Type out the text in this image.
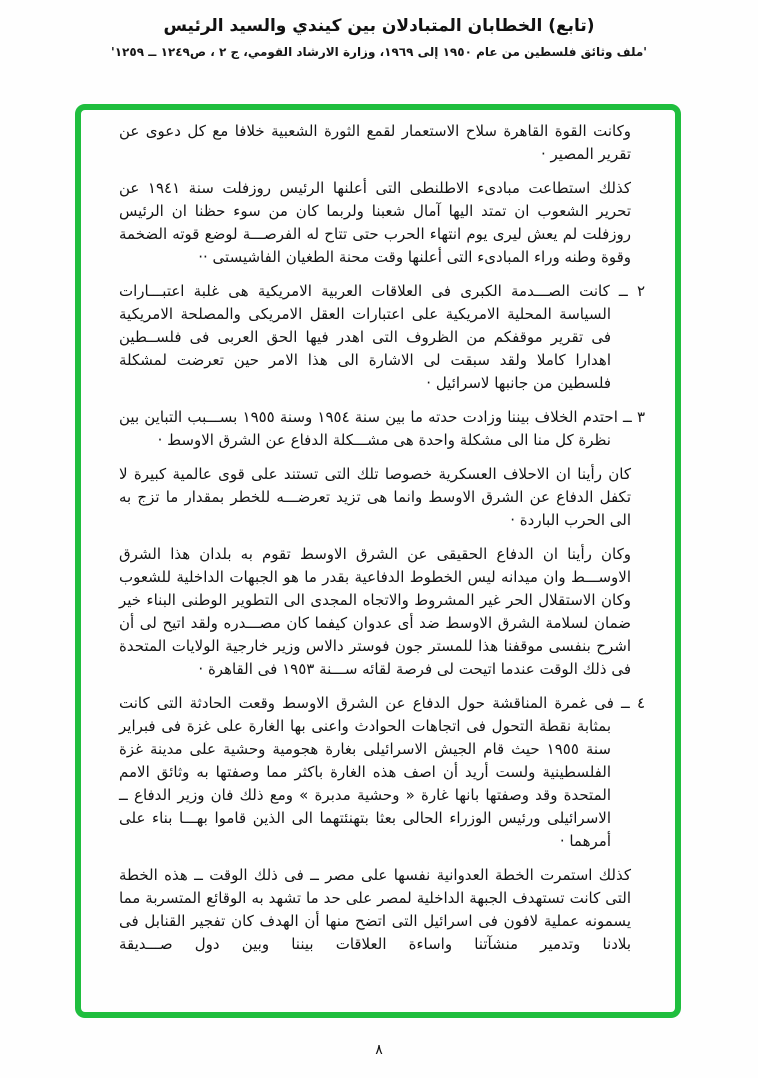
(تابع) الخطابان المتبادلان بين كيندي والسيد الرئيس
'ملف وثائق فلسطين من عام ١٩٥٠ إلى ١٩٦٩، وزارة الارشاد القومي، ج ٢ ، ص١٢٤٩ ــ ١٢٥٩'
وكانت القوة القاهرة سلاح الاستعمار لقمع الثورة الشعبية خلافا مع كل دعوى عن تقرير المصير ·
كذلك استطاعت مبادىء الاطلنطى التى أعلنها الرئيس روزفلت سنة ١٩٤١ عن تحرير الشعوب ان تمتد اليها آمال شعبنا ولربما كان من سوء حظنا ان الرئيس روزفلت لم يعش ليرى يوم انتهاء الحرب حتى تتاح له الفرصـــة لوضع قوته الضخمة وقوة وطنه وراء المبادىء التى أعلنها وقت محنة الطغيان الفاشيستى ··
٢ ــ كانت الصـــدمة الكبرى فى العلاقات العربية الامريكية هى غلبة اعتبـــارات السياسة المحلية الامريكية على اعتبارات العقل الامريكى والمصلحة الامريكية فى تقرير موقفكم من الظروف التى اهدر فيها الحق العربى فى فلســطين اهدارا كاملا ولقد سبقت لى الاشارة الى هذا الامر حين تعرضت لمشكلة فلسطين من جانبها لاسرائيل ·
٣ ــ احتدم الخلاف بيننا وزادت حدته ما بين سنة ١٩٥٤ وسنة ١٩٥٥ بســـبب التباين بين نظرة كل منا الى مشكلة واحدة هى مشـــكلة الدفاع عن الشرق الاوسط ·
كان رأينا ان الاحلاف العسكرية خصوصا تلك التى تستند على قوى عالمية كبيرة لا تكفل الدفاع عن الشرق الاوسط وانما هى تزيد تعرضـــه للخطر بمقدار ما تزج به الى الحرب الباردة ·
وكان رأينا ان الدفاع الحقيقى عن الشرق الاوسط تقوم به بلدان هذا الشرق الاوســـط وان ميدانه ليس الخطوط الدفاعية بقدر ما هو الجبهات الداخلية للشعوب وكان الاستقلال الحر غير المشروط والاتجاه المجدى الى التطوير الوطنى البناء خير ضمان لسلامة الشرق الاوسط ضد أى عدوان كيفما كان مصـــدره ولقد اتيح لى أن اشرح بنفسى موقفنا هذا للمستر جون فوستر دالاس وزير خارجية الولايات المتحدة فى ذلك الوقت عندما اتيحت لى فرصة لقائه ســـنة ١٩٥٣ فى القاهرة ·
٤ ــ فى غمرة المناقشة حول الدفاع عن الشرق الاوسط وقعت الحادثة التى كانت بمثابة نقطة التحول فى اتجاهات الحوادث واعنى بها الغارة على غزة فى فبراير سنة ١٩٥٥ حيث قام الجيش الاسرائيلى بغارة هجومية وحشية على مدينة غزة الفلسطينية ولست أريد أن اصف هذه الغارة باكثر مما وصفتها به وثائق الامم المتحدة وقد وصفتها بانها غارة « وحشية مدبرة » ومع ذلك فان وزير الدفاع ــ الاسرائيلى ورئيس الوزراء الحالى بعثا بتهنئتهما الى الذين قاموا بهـــا بناء على أمرهما ·
كذلك استمرت الخطة العدوانية نفسها على مصر ــ فى ذلك الوقت ــ هذه الخطة التى كانت تستهدف الجبهة الداخلية لمصر على حد ما تشهد به الوقائع المتسربة مما يسمونه عملية لافون فى اسرائيل التى اتضح منها أن الهدف كان تفجير القنابل فى بلادنا وتدمير منشآتنا واساءة العلاقات بيننا وبين دول صـــديقة
٨
